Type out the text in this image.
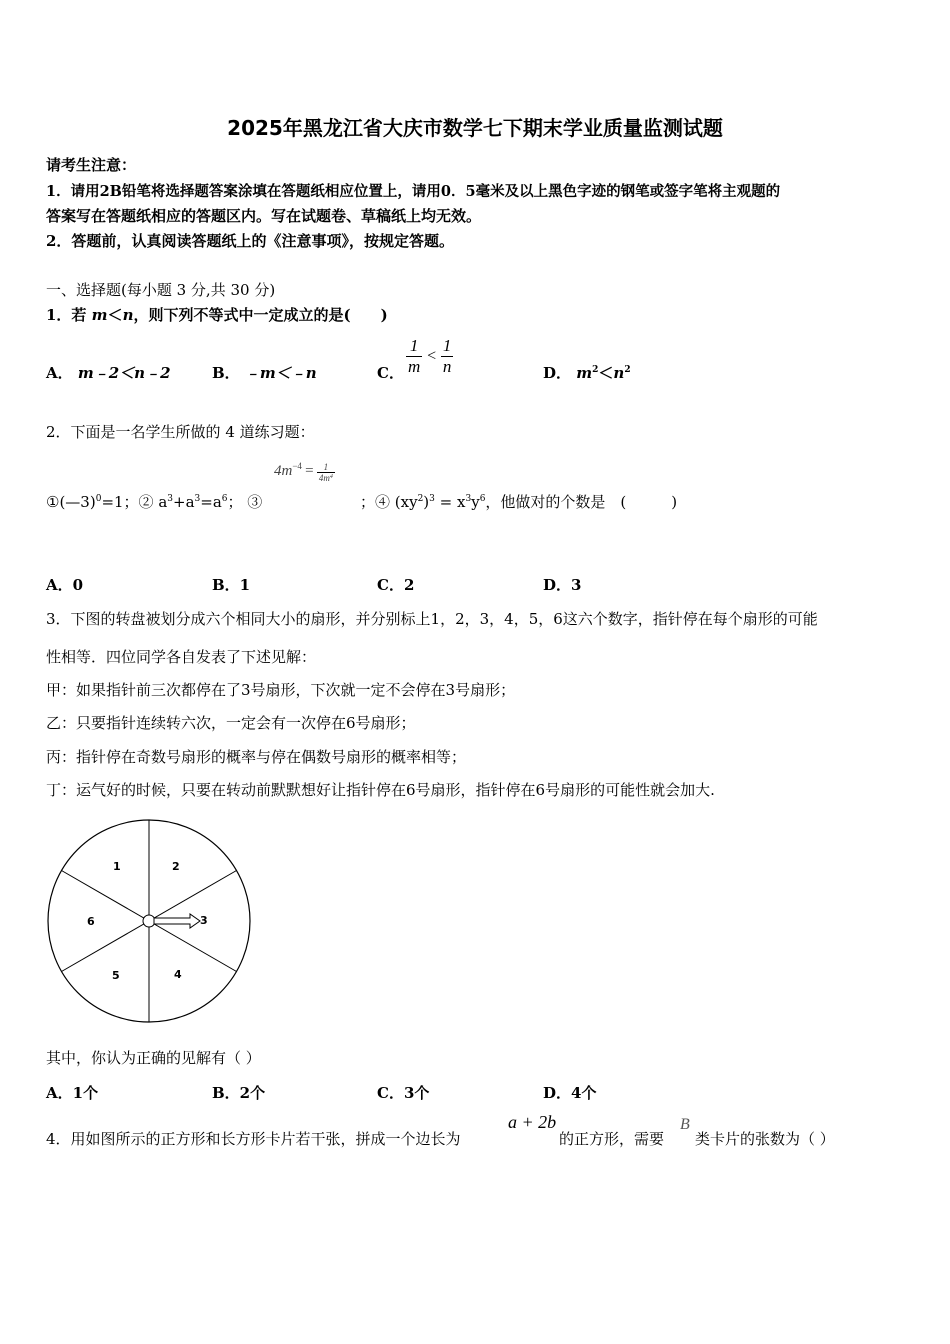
2025年黑龙江省大庆市数学七下期末学业质量监测试题
请考生注意：
1．请用2B铅笔将选择题答案涂填在答题纸相应位置上，请用0．5毫米及以上黑色字迹的钢笔或签字笔将主观题的
答案写在答题纸相应的答题区内。写在试题卷、草稿纸上均无效。
2．答题前，认真阅读答题纸上的《注意事项》，按规定答题。
一、选择题(每小题 3 分,共 30 分)
1．若 m＜n，则下列不等式中一定成立的是(　　)
A． m﹣2＜n﹣2	B． ﹣m＜﹣n	C． $\frac{1}{m} < \frac{1}{n}$	D． $m^2<n^2$
2．下面是一名学生所做的 4 道练习题：
$4m^{-4} = \frac{1}{4m^4}$
①(—3)$^0$=1；② $a^3+a^3=a^6$； ③	；④ $(xy^2)^3 = x^3y^6$，他做对的个数是　(　　　)
A．0	B．1	C．2	D．3
3．下图的转盘被划分成六个相同大小的扇形，并分别标上1，2，3，4，5，6这六个数字，指针停在每个扇形的可能
性相等．四位同学各自发表了下述见解：
甲：如果指针前三次都停在了3号扇形，下次就一定不会停在3号扇形；
乙：只要指针连续转六次，一定会有一次停在6号扇形；
丙：指针停在奇数号扇形的概率与停在偶数号扇形的概率相等；
丁：运气好的时候，只要在转动前默默想好让指针停在6号扇形，指针停在6号扇形的可能性就会加大.
1	2
3
4
5
6
其中，你认为正确的见解有（ ）
A．1个	B．2个	C．3个	D．4个
4．用如图所示的正方形和长方形卡片若干张，拼成一个边长为
a + 2b
的正方形，需要
B
类卡片的张数为（ ）
